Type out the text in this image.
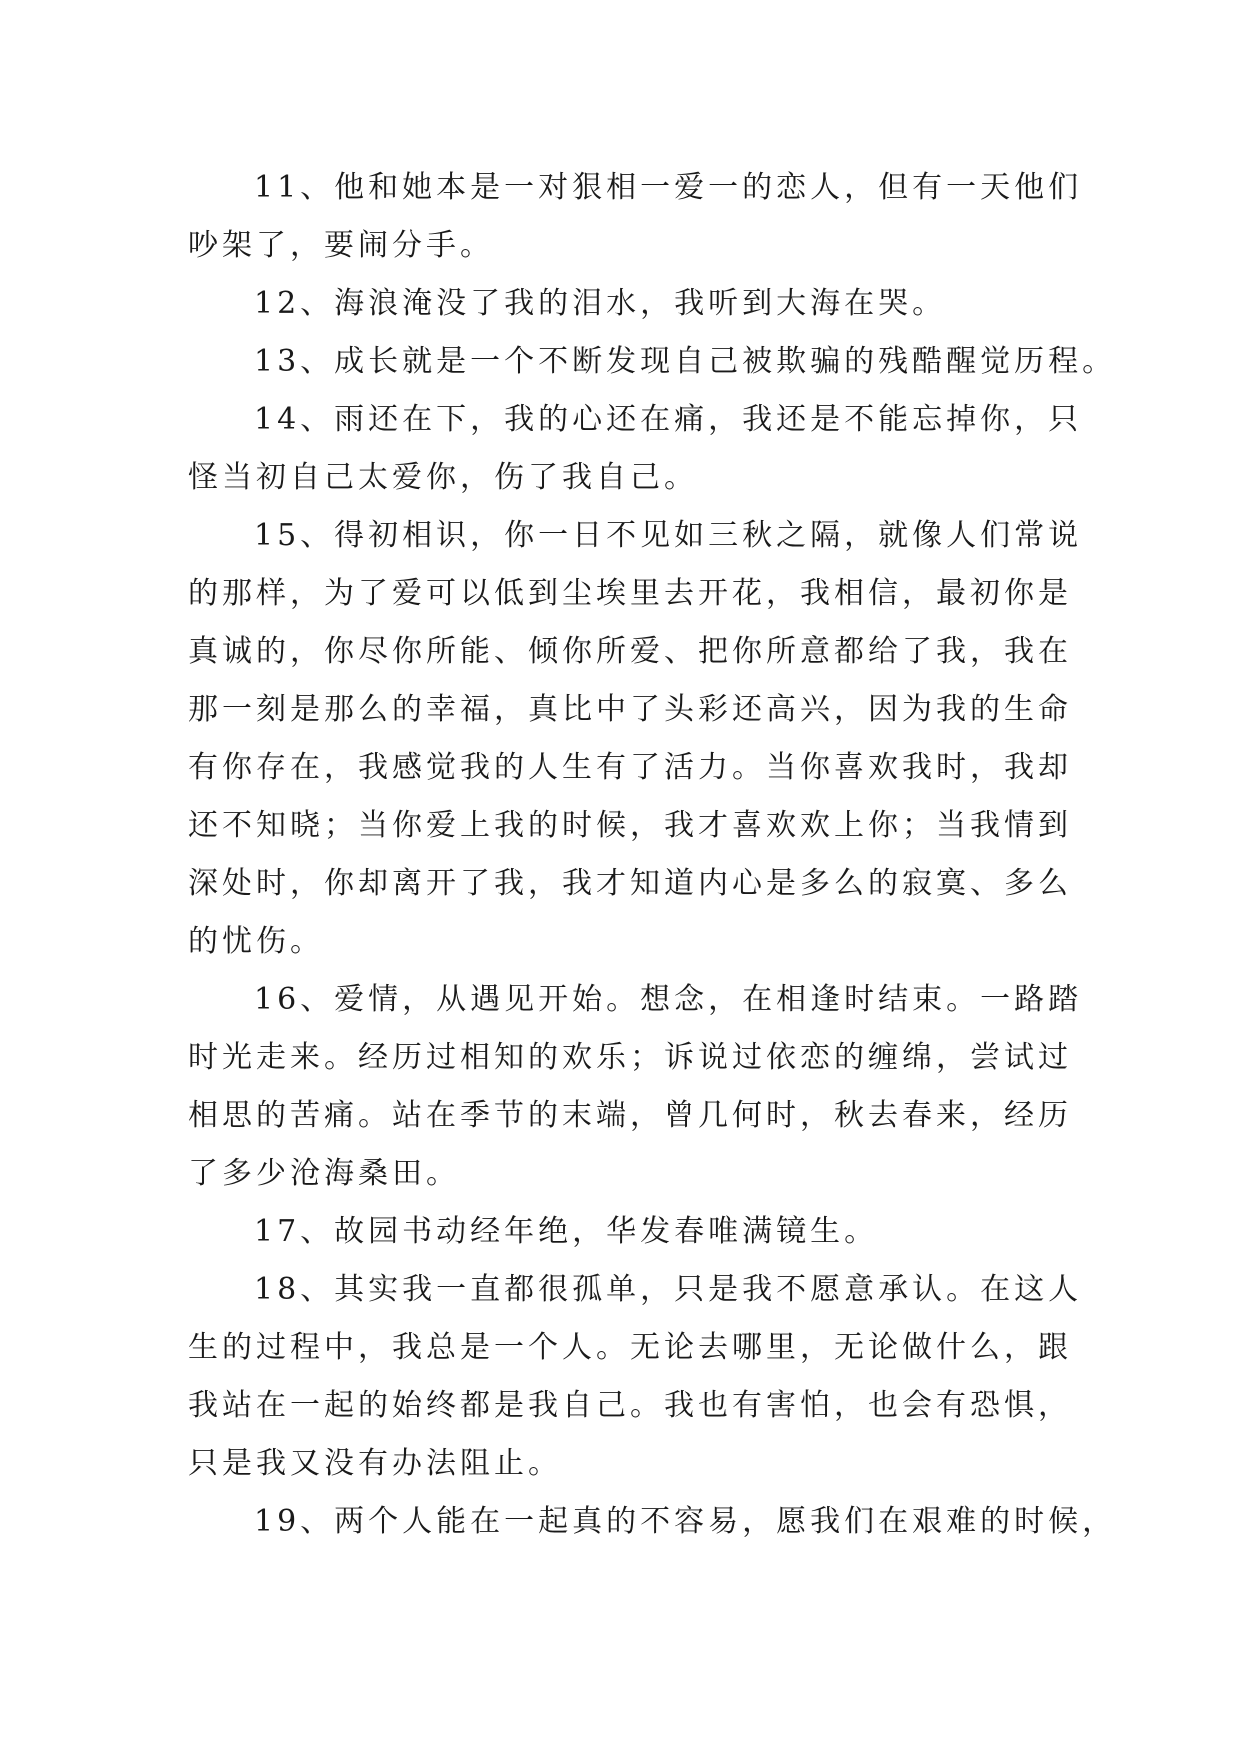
11、他和她本是一对狠相一爱一的恋人，但有一天他们
吵架了，要闹分手。
12、海浪淹没了我的泪水，我听到大海在哭。
13、成长就是一个不断发现自己被欺骗的残酷醒觉历程。
14、雨还在下，我的心还在痛，我还是不能忘掉你，只
怪当初自己太爱你，伤了我自己。
15、得初相识，你一日不见如三秋之隔，就像人们常说
的那样，为了爱可以低到尘埃里去开花，我相信，最初你是
真诚的，你尽你所能、倾你所爱、把你所意都给了我，我在
那一刻是那么的幸福，真比中了头彩还高兴，因为我的生命
有你存在，我感觉我的人生有了活力。当你喜欢我时，我却
还不知晓；当你爱上我的时候，我才喜欢欢上你；当我情到
深处时，你却离开了我，我才知道内心是多么的寂寞、多么
的忧伤。
16、爱情，从遇见开始。想念，在相逢时结束。一路踏
时光走来。经历过相知的欢乐；诉说过依恋的缠绵，尝试过
相思的苦痛。站在季节的末端，曾几何时，秋去春来，经历
了多少沧海桑田。
17、故园书动经年绝，华发春唯满镜生。
18、其实我一直都很孤单，只是我不愿意承认。在这人
生的过程中，我总是一个人。无论去哪里，无论做什么，跟
我站在一起的始终都是我自己。我也有害怕，也会有恐惧，
只是我又没有办法阻止。
19、两个人能在一起真的不容易，愿我们在艰难的时候，
